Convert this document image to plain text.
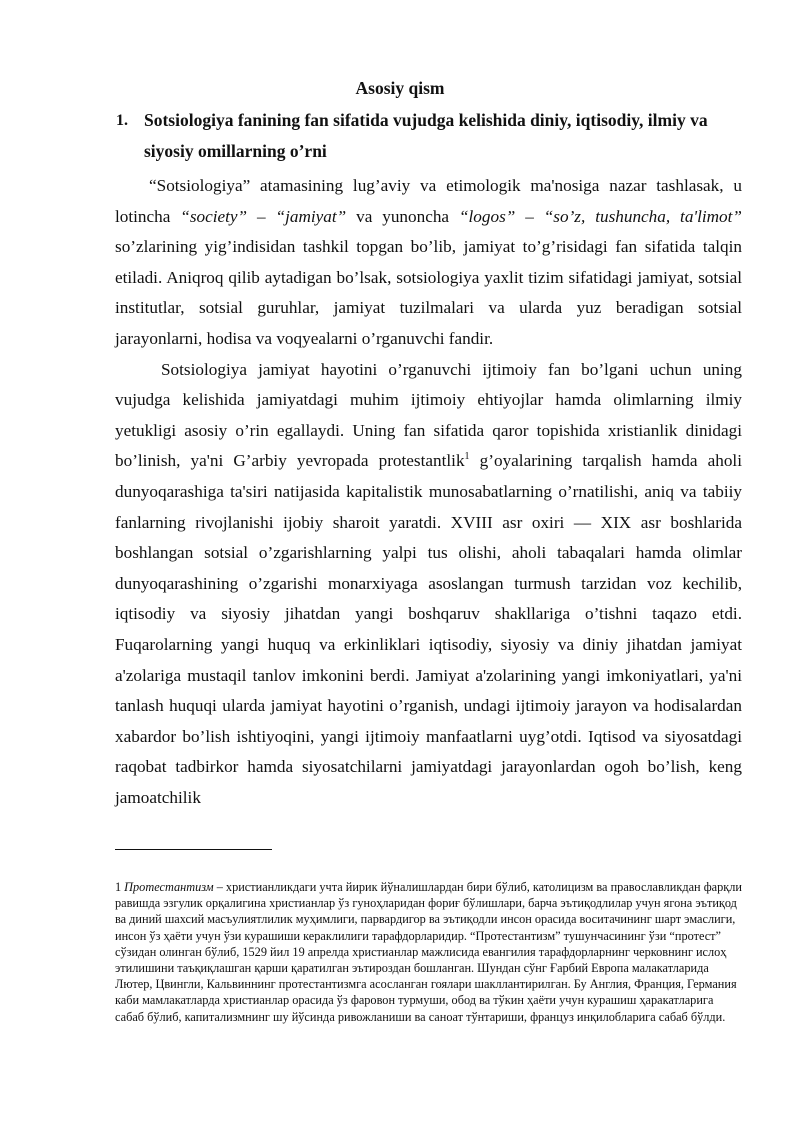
Asosiy qism
1. Sotsiologiya fanining fan sifatida vujudga kelishida diniy, iqtisodiy, ilmiy va siyosiy omillarning o’rni

“Sotsiologiya” atamasining lug’aviy va etimologik ma'nosiga nazar tashlasak, u lotincha “society” – “jamiyat” va yunoncha “logos” – “so’z, tushuncha, ta'limot” so’zlarining yig’indisidan tashkil topgan bo’lib, jamiyat to’g’risidagi fan sifatida talqin etiladi. Aniqroq qilib aytadigan bo’lsak, sotsiologiya yaxlit tizim sifatidagi jamiyat, sotsial institutlar, sotsial guruhlar, jamiyat tuzilmalari va ularda yuz beradigan sotsial jarayonlarni, hodisa va voqyealarni o’rganuvchi fandir.

Sotsiologiya jamiyat hayotini o’rganuvchi ijtimoiy fan bo’lgani uchun uning vujudga kelishida jamiyatdagi muhim ijtimoiy ehtiyojlar hamda olimlarning ilmiy yetukligi asosiy o’rin egallaydi. Uning fan sifatida qaror topishida xristianlik dinidagi bo’linish, ya'ni G’arbiy yevropada protestantlik$^1$ g’oyalarining tarqalish hamda aholi dunyoqarashiga ta'siri natijasida kapitalistik munosabatlarning o’rnatilishi, aniq va tabiiy fanlarning rivojlanishi ijobiy sharoit yaratdi. XVIII asr oxiri — XIX asr boshlarida boshlangan sotsial o’zgarishlarning yalpi tus olishi, aholi tabaqalari hamda olimlar dunyoqarashining o’zgarishi monarxiyaga asoslangan turmush tarzidan voz kechilib, iqtisodiy va siyosiy jihatdan yangi boshqaruv shakllariga o’tishni taqazo etdi. Fuqarolarning yangi huquq va erkinliklari iqtisodiy, siyosiy va diniy jihatdan jamiyat a'zolariga mustaqil tanlov imkonini berdi. Jamiyat a'zolarining yangi imkoniyatlari, ya'ni tanlash huquqi ularda jamiyat hayotini o’rganish, undagi ijtimoiy jarayon va hodisalardan xabardor bo’lish ishtiyoqini, yangi ijtimoiy manfaatlarni uyg’otdi. Iqtisod va siyosatdagi raqobat tadbirkor hamda siyosatchilarni jamiyatdagi jarayonlardan ogoh bo’lish, keng jamoatchilik

1 Протестантизм – христианликдаги учта йирик йўналишлардан бири бўлиб, католицизм ва православликдан фарқли равишда эзгулик орқалигина христианлар ўз гуноҳларидан фориғ бўлишлари, барча эътиқодлилар учун ягона эътиқод ва диний шахсий масъулиятлилик муҳимлиги, парвардигор ва эътиқодли инсон орасида воситачининг шарт эмаслиги, инсон ўз ҳаёти учун ўзи курашиши кераклилиги тарафдорларидир. “Протестантизм” тушунчасининг ўзи “протест” сўзидан олинган бўлиб, 1529 йил 19 апрелда христианлар мажлисида евангилия тарафдорларнинг черковнинг ислоҳ этилишини таъқиқлашган қарши қаратилган эътироздан бошланган. Шундан сўнг Ғарбий Европа малакатларида Лютер, Цвингли, Кальвиннинг протестантизмга асосланган гоялари шакллантирилган. Бу Англия, Франция, Германия каби мамлакатларда христианлар орасида ўз фаровон турмуши, обод ва тўкин ҳаёти учун курашиш ҳаракатларига сабаб бўлиб, капитализмнинг шу йўсинда ривожланиши ва саноат тўнтариши, француз инқилобларига сабаб бўлди.
